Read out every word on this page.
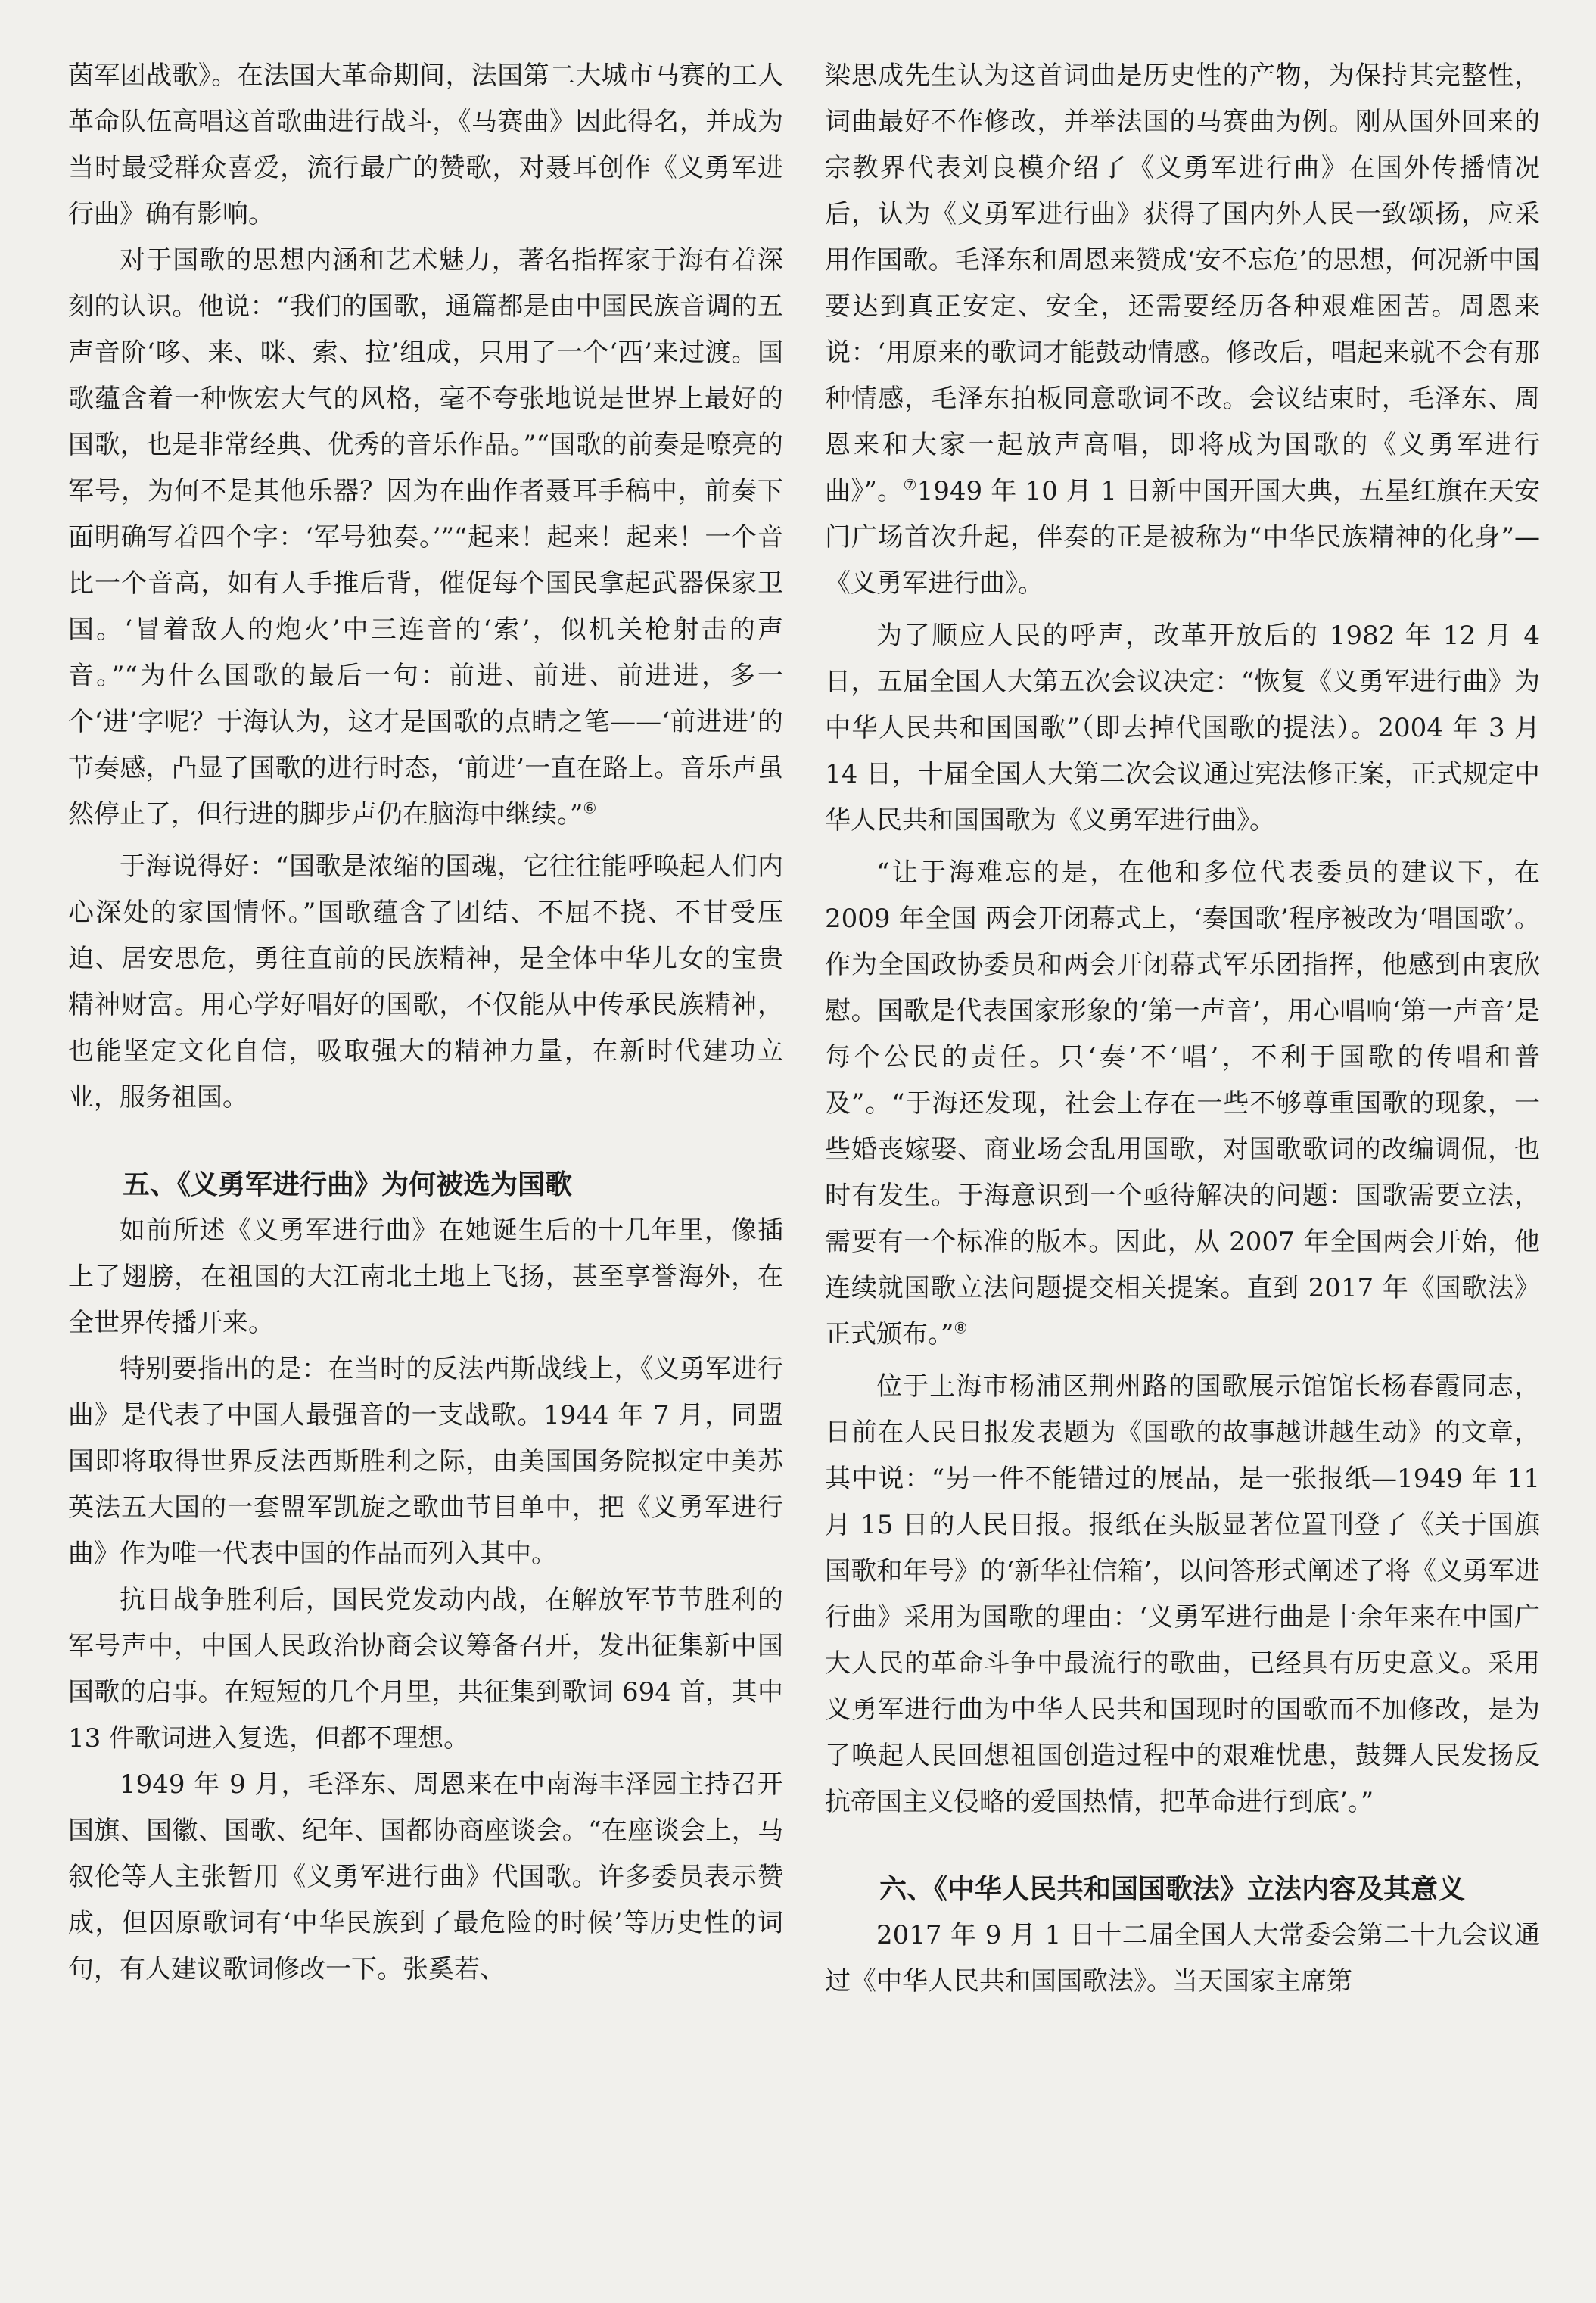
茵军团战歌》。在法国大革命期间，法国第二大城市马赛的工人革命队伍高唱这首歌曲进行战斗，《马赛曲》因此得名，并成为当时最受群众喜爱，流行最广的赞歌，对聂耳创作《义勇军进行曲》确有影响。

对于国歌的思想内涵和艺术魅力，著名指挥家于海有着深刻的认识。他说：“我们的国歌，通篇都是由中国民族音调的五声音阶‘哆、来、咪、索、拉’组成，只用了一个‘西’来过渡。国歌蕴含着一种恢宏大气的风格，毫不夸张地说是世界上最好的国歌，也是非常经典、优秀的音乐作品。”“国歌的前奏是嘹亮的军号，为何不是其他乐器？因为在曲作者聂耳手稿中，前奏下面明确写着四个字：‘军号独奏。’”“起来！起来！起来！一个音比一个音高，如有人手推后背，催促每个国民拿起武器保家卫国。‘冒着敌人的炮火’中三连音的‘索’，似机关枪射击的声音。”“为什么国歌的最后一句：前进、前进、前进进，多一个‘进’字呢？于海认为，这才是国歌的点睛之笔——‘前进进’的节奏感，凸显了国歌的进行时态，‘前进’一直在路上。音乐声虽然停止了，但行进的脚步声仍在脑海中继续。”⑥

于海说得好：“国歌是浓缩的国魂，它往往能呼唤起人们内心深处的家国情怀。”国歌蕴含了团结、不屈不挠、不甘受压迫、居安思危，勇往直前的民族精神，是全体中华儿女的宝贵精神财富。用心学好唱好的国歌，不仅能从中传承民族精神，也能坚定文化自信，吸取强大的精神力量，在新时代建功立业，服务祖国。

五、《义勇军进行曲》为何被选为国歌

如前所述《义勇军进行曲》在她诞生后的十几年里，像插上了翅膀，在祖国的大江南北土地上飞扬，甚至享誉海外，在全世界传播开来。

特别要指出的是：在当时的反法西斯战线上，《义勇军进行曲》是代表了中国人最强音的一支战歌。1944 年 7 月，同盟国即将取得世界反法西斯胜利之际，由美国国务院拟定中美苏英法五大国的一套盟军凯旋之歌曲节目单中，把《义勇军进行曲》作为唯一代表中国的作品而列入其中。

抗日战争胜利后，国民党发动内战，在解放军节节胜利的军号声中，中国人民政治协商会议筹备召开，发出征集新中国国歌的启事。在短短的几个月里，共征集到歌词 694 首，其中 13 件歌词进入复选，但都不理想。

1949 年 9 月，毛泽东、周恩来在中南海丰泽园主持召开国旗、国徽、国歌、纪年、国都协商座谈会。“在座谈会上，马叙伦等人主张暂用《义勇军进行曲》代国歌。许多委员表示赞成，但因原歌词有‘中华民族到了最危险的时候’等历史性的词句，有人建议歌词修改一下。张奚若、

梁思成先生认为这首词曲是历史性的产物，为保持其完整性，词曲最好不作修改，并举法国的马赛曲为例。刚从国外回来的宗教界代表刘良模介绍了《义勇军进行曲》在国外传播情况后，认为《义勇军进行曲》获得了国内外人民一致颂扬，应采用作国歌。毛泽东和周恩来赞成‘安不忘危’的思想，何况新中国要达到真正安定、安全，还需要经历各种艰难困苦。周恩来说：‘用原来的歌词才能鼓动情感。修改后，唱起来就不会有那种情感，毛泽东拍板同意歌词不改。会议结束时，毛泽东、周恩来和大家一起放声高唱，即将成为国歌的《义勇军进行曲》”。⑦1949 年 10 月 1 日新中国开国大典，五星红旗在天安门广场首次升起，伴奏的正是被称为“中华民族精神的化身”—《义勇军进行曲》。

为了顺应人民的呼声，改革开放后的 1982 年 12 月 4 日，五届全国人大第五次会议决定：“恢复《义勇军进行曲》为中华人民共和国国歌”（即去掉代国歌的提法）。2004 年 3 月 14 日，十届全国人大第二次会议通过宪法修正案，正式规定中华人民共和国国歌为《义勇军进行曲》。

“让于海难忘的是，在他和多位代表委员的建议下，在 2009 年全国 两会开闭幕式上，‘奏国歌’程序被改为‘唱国歌’。作为全国政协委员和两会开闭幕式军乐团指挥，他感到由衷欣慰。国歌是代表国家形象的‘第一声音’，用心唱响‘第一声音’是每个公民的责任。只‘奏’不‘唱’，不利于国歌的传唱和普及”。“于海还发现，社会上存在一些不够尊重国歌的现象，一些婚丧嫁娶、商业场会乱用国歌，对国歌歌词的改编调侃，也时有发生。于海意识到一个亟待解决的问题：国歌需要立法，需要有一个标准的版本。因此，从 2007 年全国两会开始，他连续就国歌立法问题提交相关提案。直到 2017 年《国歌法》正式颁布。”⑧

位于上海市杨浦区荆州路的国歌展示馆馆长杨春霞同志，日前在人民日报发表题为《国歌的故事越讲越生动》的文章，其中说：“另一件不能错过的展品，是一张报纸—1949 年 11 月 15 日的人民日报。报纸在头版显著位置刊登了《关于国旗国歌和年号》的‘新华社信箱’，以问答形式阐述了将《义勇军进行曲》采用为国歌的理由：‘义勇军进行曲是十余年来在中国广大人民的革命斗争中最流行的歌曲，已经具有历史意义。采用义勇军进行曲为中华人民共和国现时的国歌而不加修改，是为了唤起人民回想祖国创造过程中的艰难忧患，鼓舞人民发扬反抗帝国主义侵略的爱国热情，把革命进行到底’。”

六、《中华人民共和国国歌法》立法内容及其意义

2017 年 9 月 1 日十二届全国人大常委会第二十九会议通过《中华人民共和国国歌法》。当天国家主席第
